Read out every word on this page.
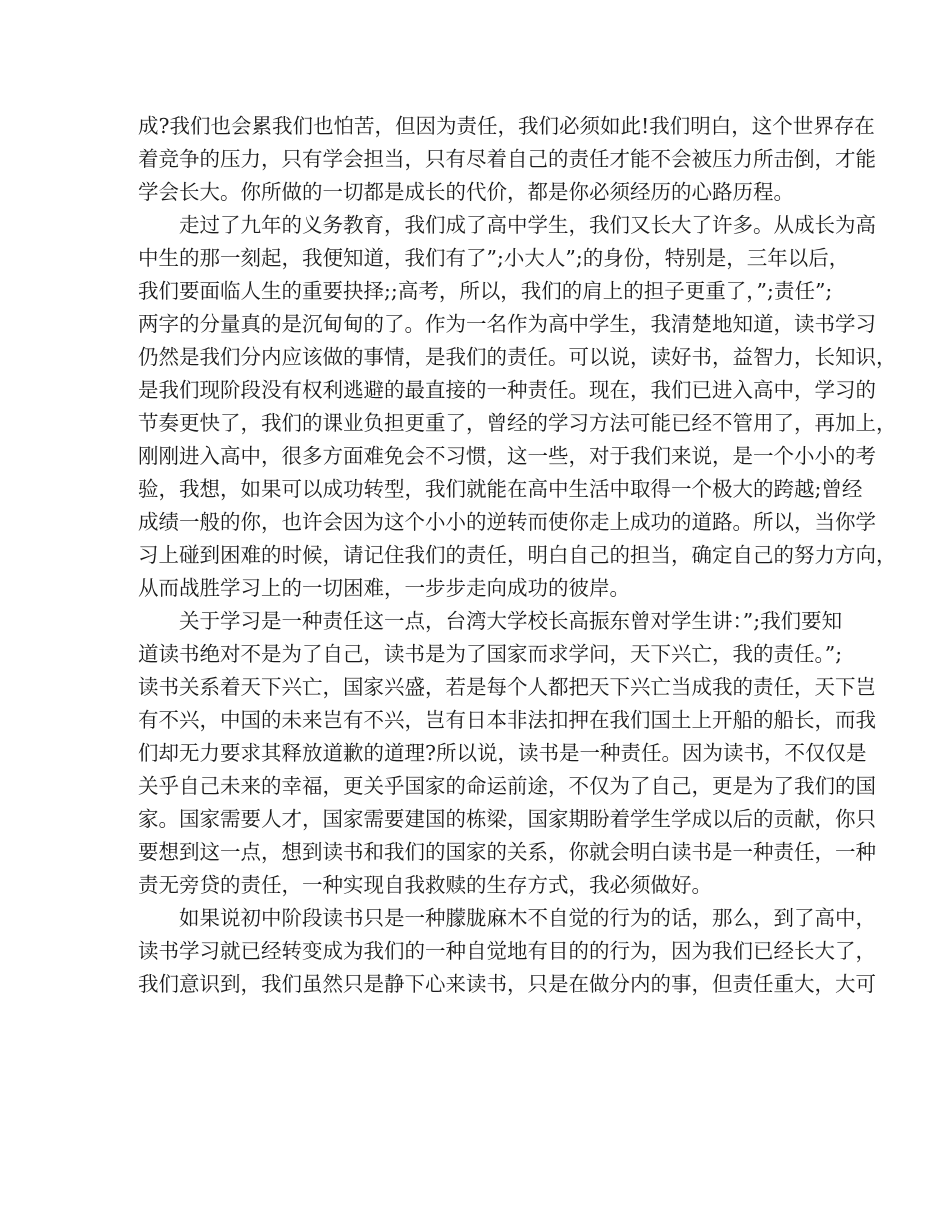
成?我们也会累我们也怕苦，但因为责任，我们必须如此!我们明白，这个世界存在
着竞争的压力，只有学会担当，只有尽着自己的责任才能不会被压力所击倒，才能
学会长大。你所做的一切都是成长的代价，都是你必须经历的心路历程。
走过了九年的义务教育，我们成了高中学生，我们又长大了许多。从成长为高
中生的那一刻起，我便知道，我们有了”;小大人”;的身份，特别是，三年以后，
我们要面临人生的重要抉择;;高考，所以，我们的肩上的担子更重了，”;责任”;
两字的分量真的是沉甸甸的了。作为一名作为高中学生，我清楚地知道，读书学习
仍然是我们分内应该做的事情，是我们的责任。可以说，读好书，益智力，长知识，
是我们现阶段没有权利逃避的最直接的一种责任。现在，我们已进入高中，学习的
节奏更快了，我们的课业负担更重了，曾经的学习方法可能已经不管用了，再加上，
刚刚进入高中，很多方面难免会不习惯，这一些，对于我们来说，是一个小小的考
验，我想，如果可以成功转型，我们就能在高中生活中取得一个极大的跨越;曾经
成绩一般的你，也许会因为这个小小的逆转而使你走上成功的道路。所以，当你学
习上碰到困难的时候，请记住我们的责任，明白自己的担当，确定自己的努力方向，
从而战胜学习上的一切困难，一步步走向成功的彼岸。
关于学习是一种责任这一点，台湾大学校长高振东曾对学生讲：”;我们要知
道读书绝对不是为了自己，读书是为了国家而求学问，天下兴亡，我的责任。”;
读书关系着天下兴亡，国家兴盛，若是每个人都把天下兴亡当成我的责任，天下岂
有不兴，中国的未来岂有不兴，岂有日本非法扣押在我们国土上开船的船长，而我
们却无力要求其释放道歉的道理?所以说，读书是一种责任。因为读书，不仅仅是
关乎自己未来的幸福，更关乎国家的命运前途，不仅为了自己，更是为了我们的国
家。国家需要人才，国家需要建国的栋梁，国家期盼着学生学成以后的贡献，你只
要想到这一点，想到读书和我们的国家的关系，你就会明白读书是一种责任，一种
责无旁贷的责任，一种实现自我救赎的生存方式，我必须做好。
如果说初中阶段读书只是一种朦胧麻木不自觉的行为的话，那么，到了高中，
读书学习就已经转变成为我们的一种自觉地有目的的行为，因为我们已经长大了，
我们意识到，我们虽然只是静下心来读书，只是在做分内的事，但责任重大，大可
